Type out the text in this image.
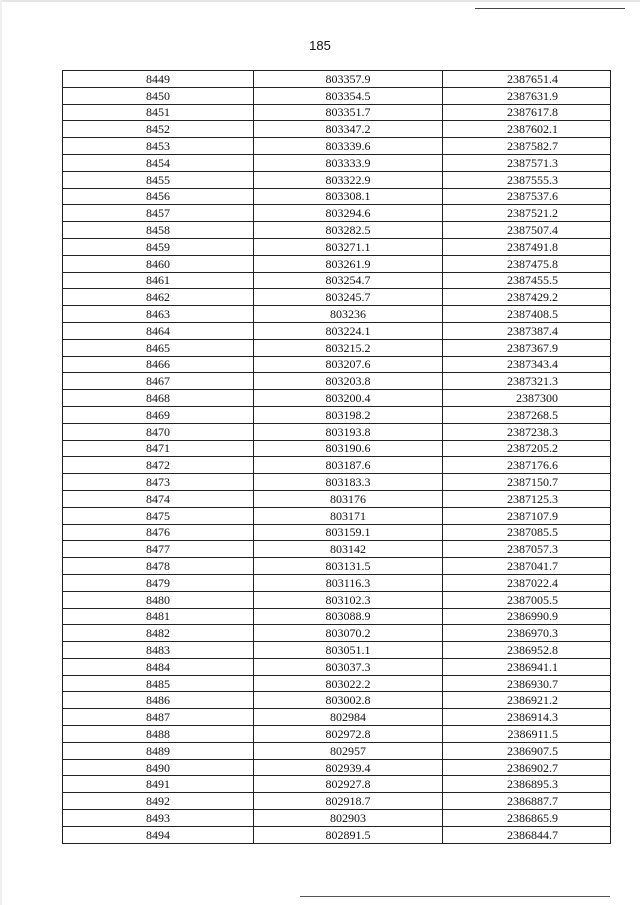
185
8449	803357.9	2387651.4
8450	803354.5	2387631.9
8451	803351.7	2387617.8
8452	803347.2	2387602.1
8453	803339.6	2387582.7
8454	803333.9	2387571.3
8455	803322.9	2387555.3
8456	803308.1	2387537.6
8457	803294.6	2387521.2
8458	803282.5	2387507.4
8459	803271.1	2387491.8
8460	803261.9	2387475.8
8461	803254.7	2387455.5
8462	803245.7	2387429.2
8463	803236	2387408.5
8464	803224.1	2387387.4
8465	803215.2	2387367.9
8466	803207.6	2387343.4
8467	803203.8	2387321.3
8468	803200.4	2387300
8469	803198.2	2387268.5
8470	803193.8	2387238.3
8471	803190.6	2387205.2
8472	803187.6	2387176.6
8473	803183.3	2387150.7
8474	803176	2387125.3
8475	803171	2387107.9
8476	803159.1	2387085.5
8477	803142	2387057.3
8478	803131.5	2387041.7
8479	803116.3	2387022.4
8480	803102.3	2387005.5
8481	803088.9	2386990.9
8482	803070.2	2386970.3
8483	803051.1	2386952.8
8484	803037.3	2386941.1
8485	803022.2	2386930.7
8486	803002.8	2386921.2
8487	802984	2386914.3
8488	802972.8	2386911.5
8489	802957	2386907.5
8490	802939.4	2386902.7
8491	802927.8	2386895.3
8492	802918.7	2386887.7
8493	802903	2386865.9
8494	802891.5	2386844.7
